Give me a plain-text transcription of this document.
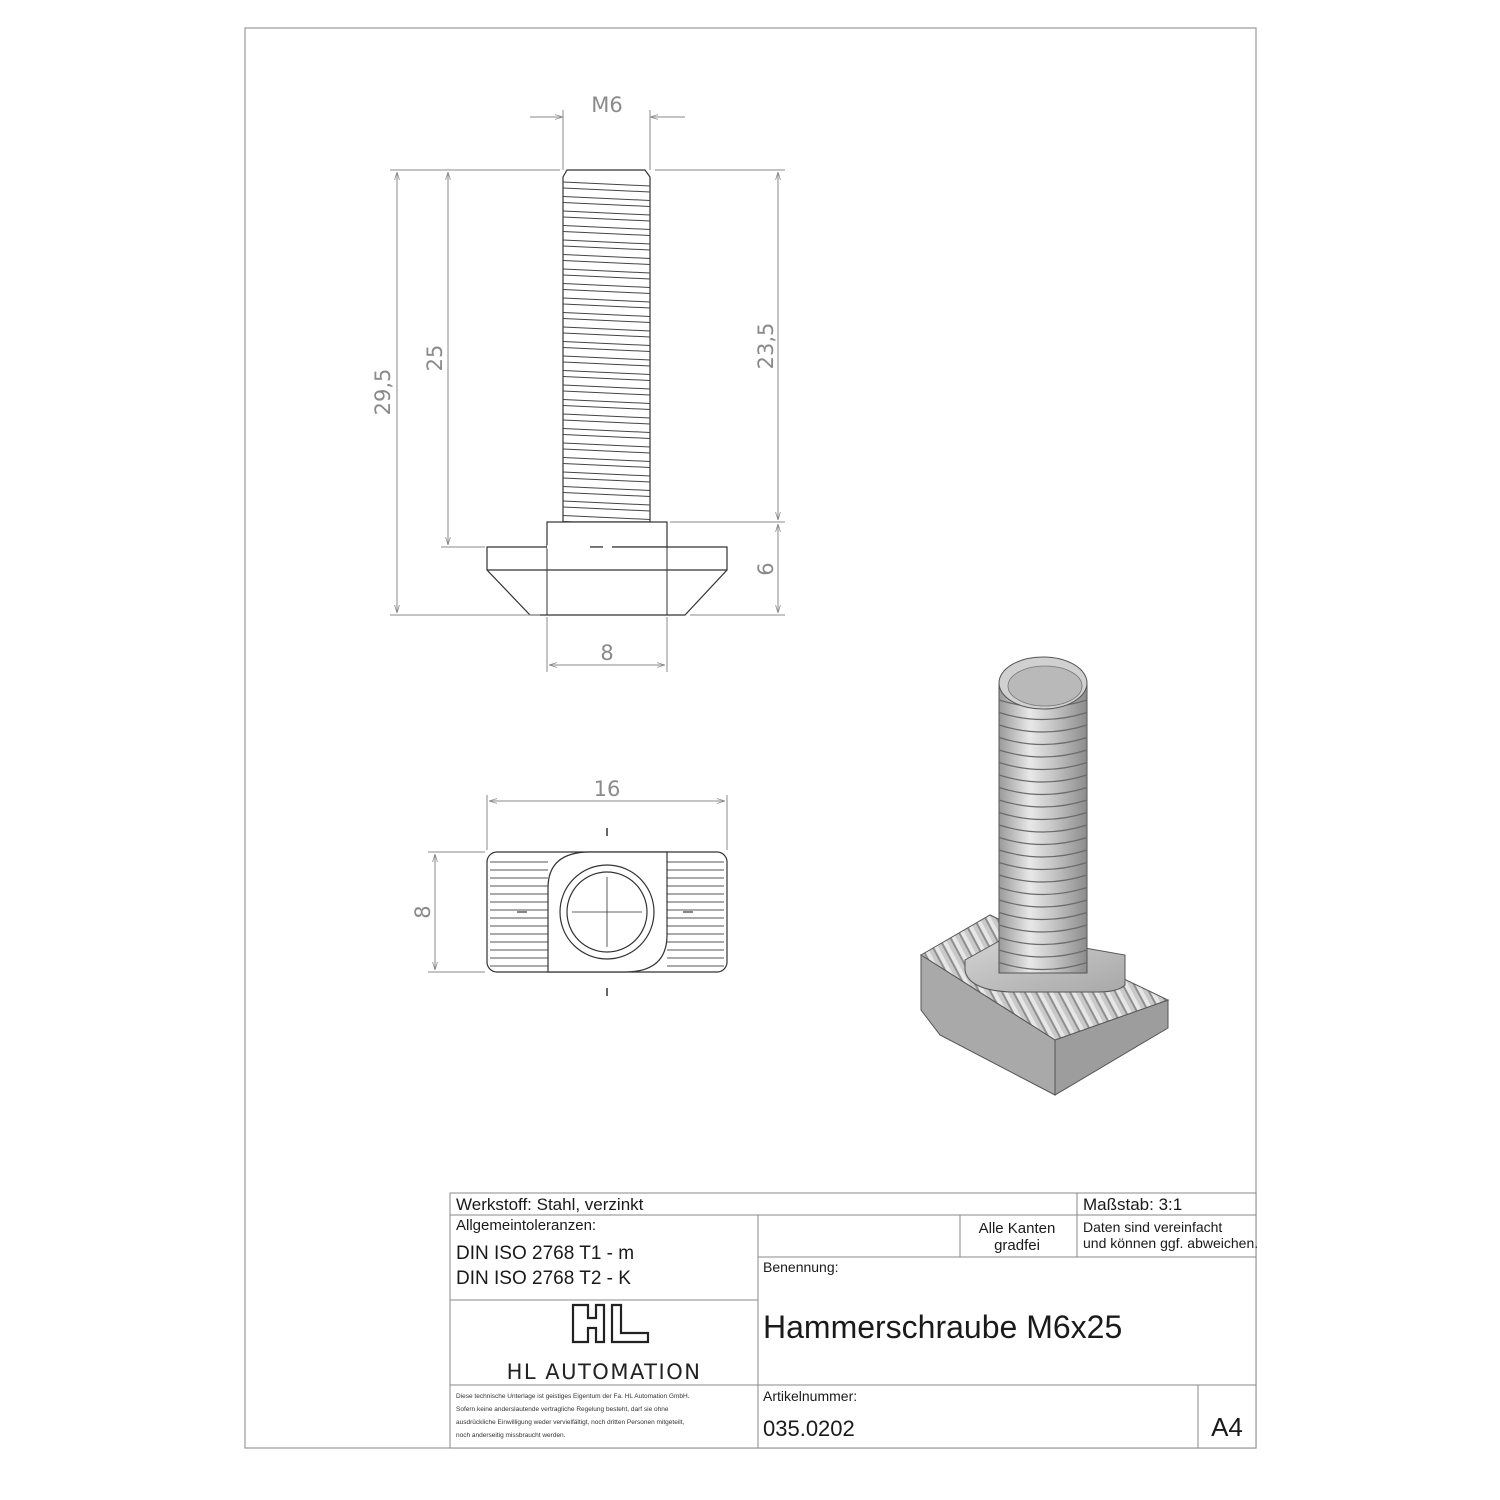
M6
29,5
25	23,5
6
8
16
8
Werkstoff: Stahl, verzinkt	Maßstab: 3:1
Allgemeintoleranzen:
DIN ISO 2768 T1 - m
DIN ISO 2768 T2 - K
Alle Kanten
gradfei
Daten sind vereinfacht
und können ggf. abweichen.
Benennung:
Hammerschraube M6x25
HL AUTOMATION
Diese technische Unterlage ist geistiges Eigentum der Fa. HL Automation GmbH.
Sofern keine anderslautende vertragliche Regelung besteht, darf sie ohne
ausdrückliche Einwilligung weder vervielfältigt, noch dritten Personen mitgeteilt,
noch anderseitig missbraucht werden.
Artikelnummer:
035.0202	A4
